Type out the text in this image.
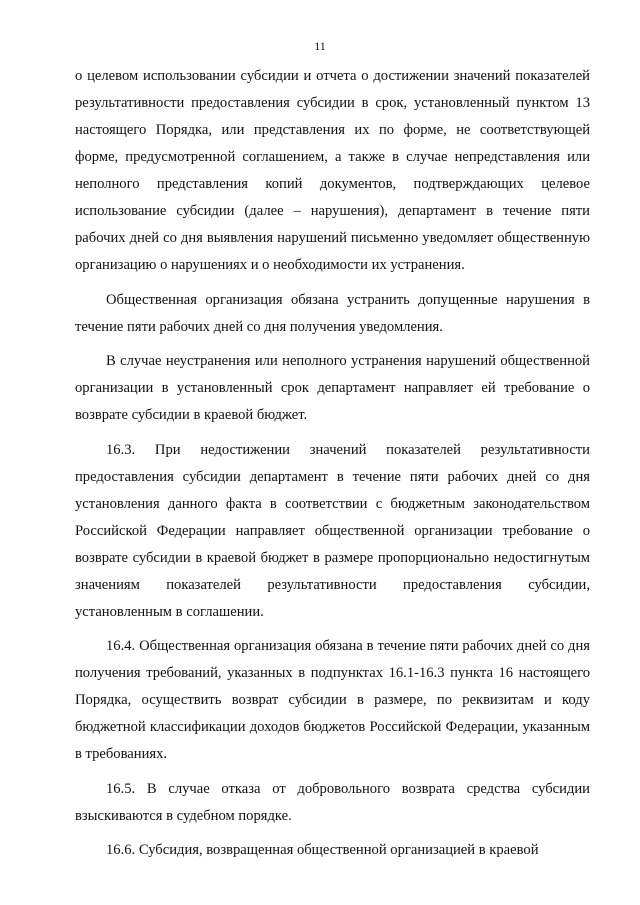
11

о целевом использовании субсидии и отчета о достижении значений показателей результативности предоставления субсидии в срок, установленный пунктом 13 настоящего Порядка, или представления их по форме, не соответствующей форме, предусмотренной соглашением, а также в случае непредставления или неполного представления копий документов, подтверждающих целевое использование субсидии (далее – нарушения), департамент в течение пяти рабочих дней со дня выявления нарушений письменно уведомляет общественную организацию о нарушениях и о необходимости их устранения.

Общественная организация обязана устранить допущенные нарушения в течение пяти рабочих дней со дня получения уведомления.

В случае неустранения или неполного устранения нарушений общественной организации в установленный срок департамент направляет ей требование о возврате субсидии в краевой бюджет.

16.3. При недостижении значений показателей результативности предоставления субсидии департамент в течение пяти рабочих дней со дня установления данного факта в соответствии с бюджетным законодательством Российской Федерации направляет общественной организации требование о возврате субсидии в краевой бюджет в размере пропорционально недостигнутым значениям показателей результативности предоставления субсидии, установленным в соглашении.

16.4. Общественная организация обязана в течение пяти рабочих дней со дня получения требований, указанных в подпунктах 16.1-16.3 пункта 16 настоящего Порядка, осуществить возврат субсидии в размере, по реквизитам и коду бюджетной классификации доходов бюджетов Российской Федерации, указанным в требованиях.

16.5. В случае отказа от добровольного возврата средства субсидии взыскиваются в судебном порядке.

16.6. Субсидия, возвращенная общественной организацией в краевой
